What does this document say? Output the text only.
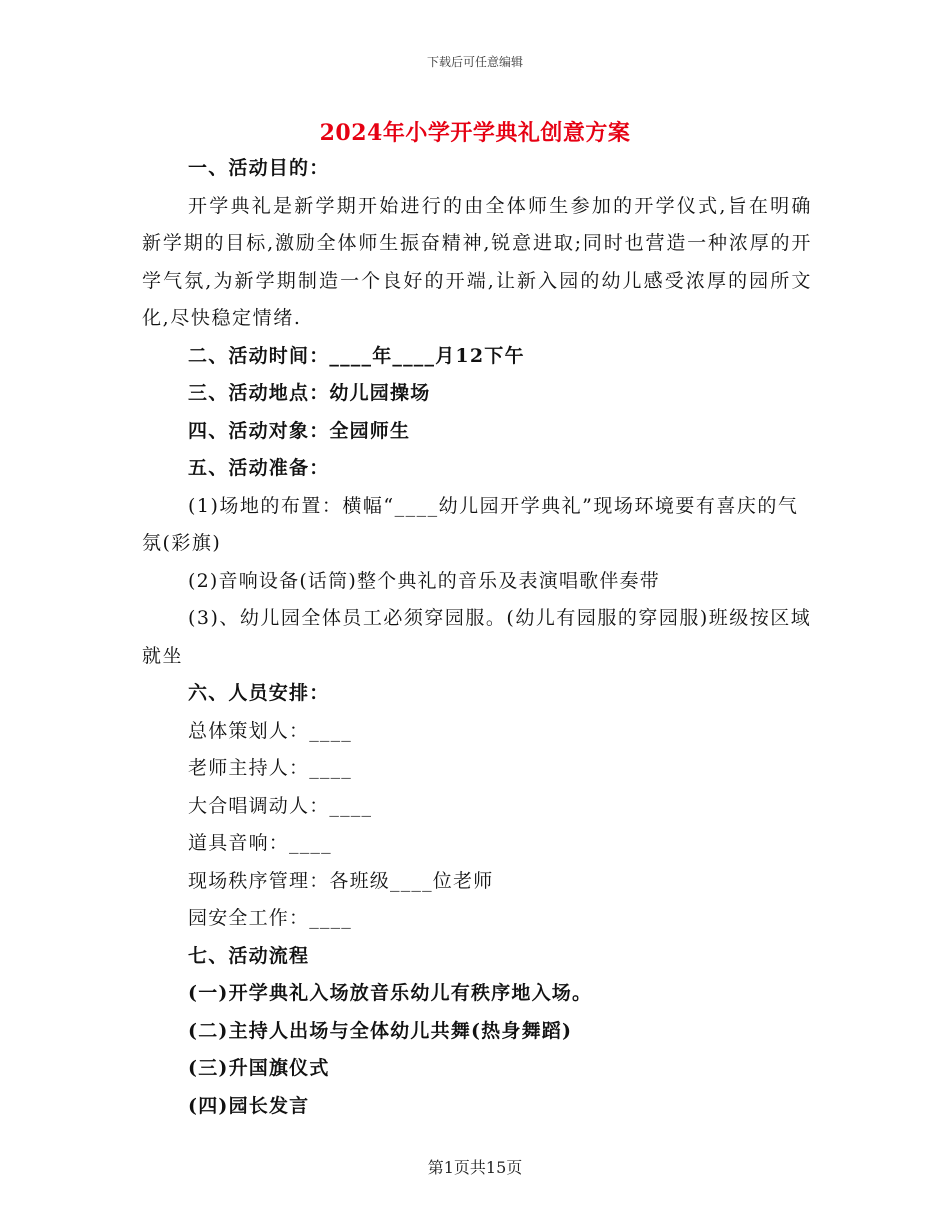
下载后可任意编辑
2024年小学开学典礼创意方案
一、活动目的：
开学典礼是新学期开始进行的由全体师生参加的开学仪式,旨在明确新学期的目标,激励全体师生振奋精神,锐意进取;同时也营造一种浓厚的开学气氛,为新学期制造一个良好的开端,让新入园的幼儿感受浓厚的园所文化,尽快稳定情绪.
二、活动时间：____年____月12下午
三、活动地点：幼儿园操场
四、活动对象：全园师生
五、活动准备：
(1)场地的布置：横幅“____幼儿园开学典礼”现场环境要有喜庆的气氛(彩旗)
(2)音响设备(话筒)整个典礼的音乐及表演唱歌伴奏带
(3)、幼儿园全体员工必须穿园服。(幼儿有园服的穿园服)班级按区域就坐
六、人员安排：
总体策划人：____
老师主持人：____
大合唱调动人：____
道具音响：____
现场秩序管理：各班级____位老师
园安全工作：____
七、活动流程
(一)开学典礼入场放音乐幼儿有秩序地入场。
(二)主持人出场与全体幼儿共舞(热身舞蹈)
(三)升国旗仪式
(四)园长发言
第1页共15页
